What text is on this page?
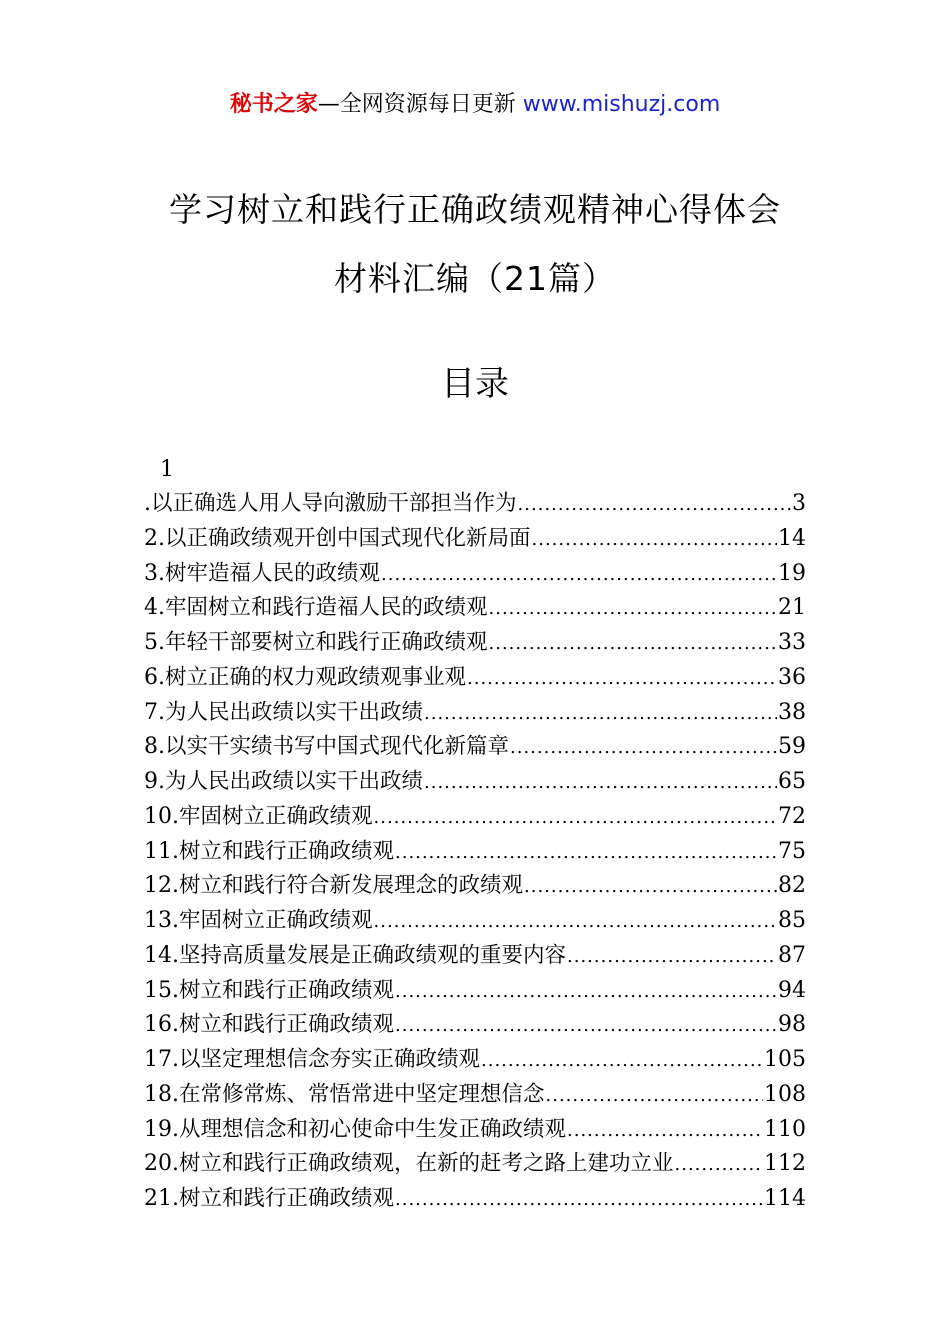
秘书之家—全网资源每日更新 www.mishuzj.com
学习树立和践行正确政绩观精神心得体会
材料汇编（21篇）
目录
1
. 以正确选人用人导向激励干部担当作为 .....	3
2. 以正确政绩观开创中国式现代化新局面 .....	14
3. 树牢造福人民的政绩观 .....	19
4. 牢固树立和践行造福人民的政绩观 .....	21
5. 年轻干部要树立和践行正确政绩观 .....	33
6. 树立正确的权力观政绩观事业观 .....	36
7. 为人民出政绩以实干出政绩 .....	38
8. 以实干实绩书写中国式现代化新篇章 .....	59
9. 为人民出政绩以实干出政绩 .....	65
10. 牢固树立正确政绩观 .....	72
11. 树立和践行正确政绩观 .....	75
12. 树立和践行符合新发展理念的政绩观 .....	82
13. 牢固树立正确政绩观 .....	85
14. 坚持高质量发展是正确政绩观的重要内容 .....	87
15. 树立和践行正确政绩观 .....	94
16. 树立和践行正确政绩观 .....	98
17. 以坚定理想信念夯实正确政绩观 .....	105
18. 在常修常炼、常悟常进中坚定理想信念 .....	108
19. 从理想信念和初心使命中生发正确政绩观 .....	110
20. 树立和践行正确政绩观，在新的赶考之路上建功立业 .....	112
21. 树立和践行正确政绩观 .....	114
